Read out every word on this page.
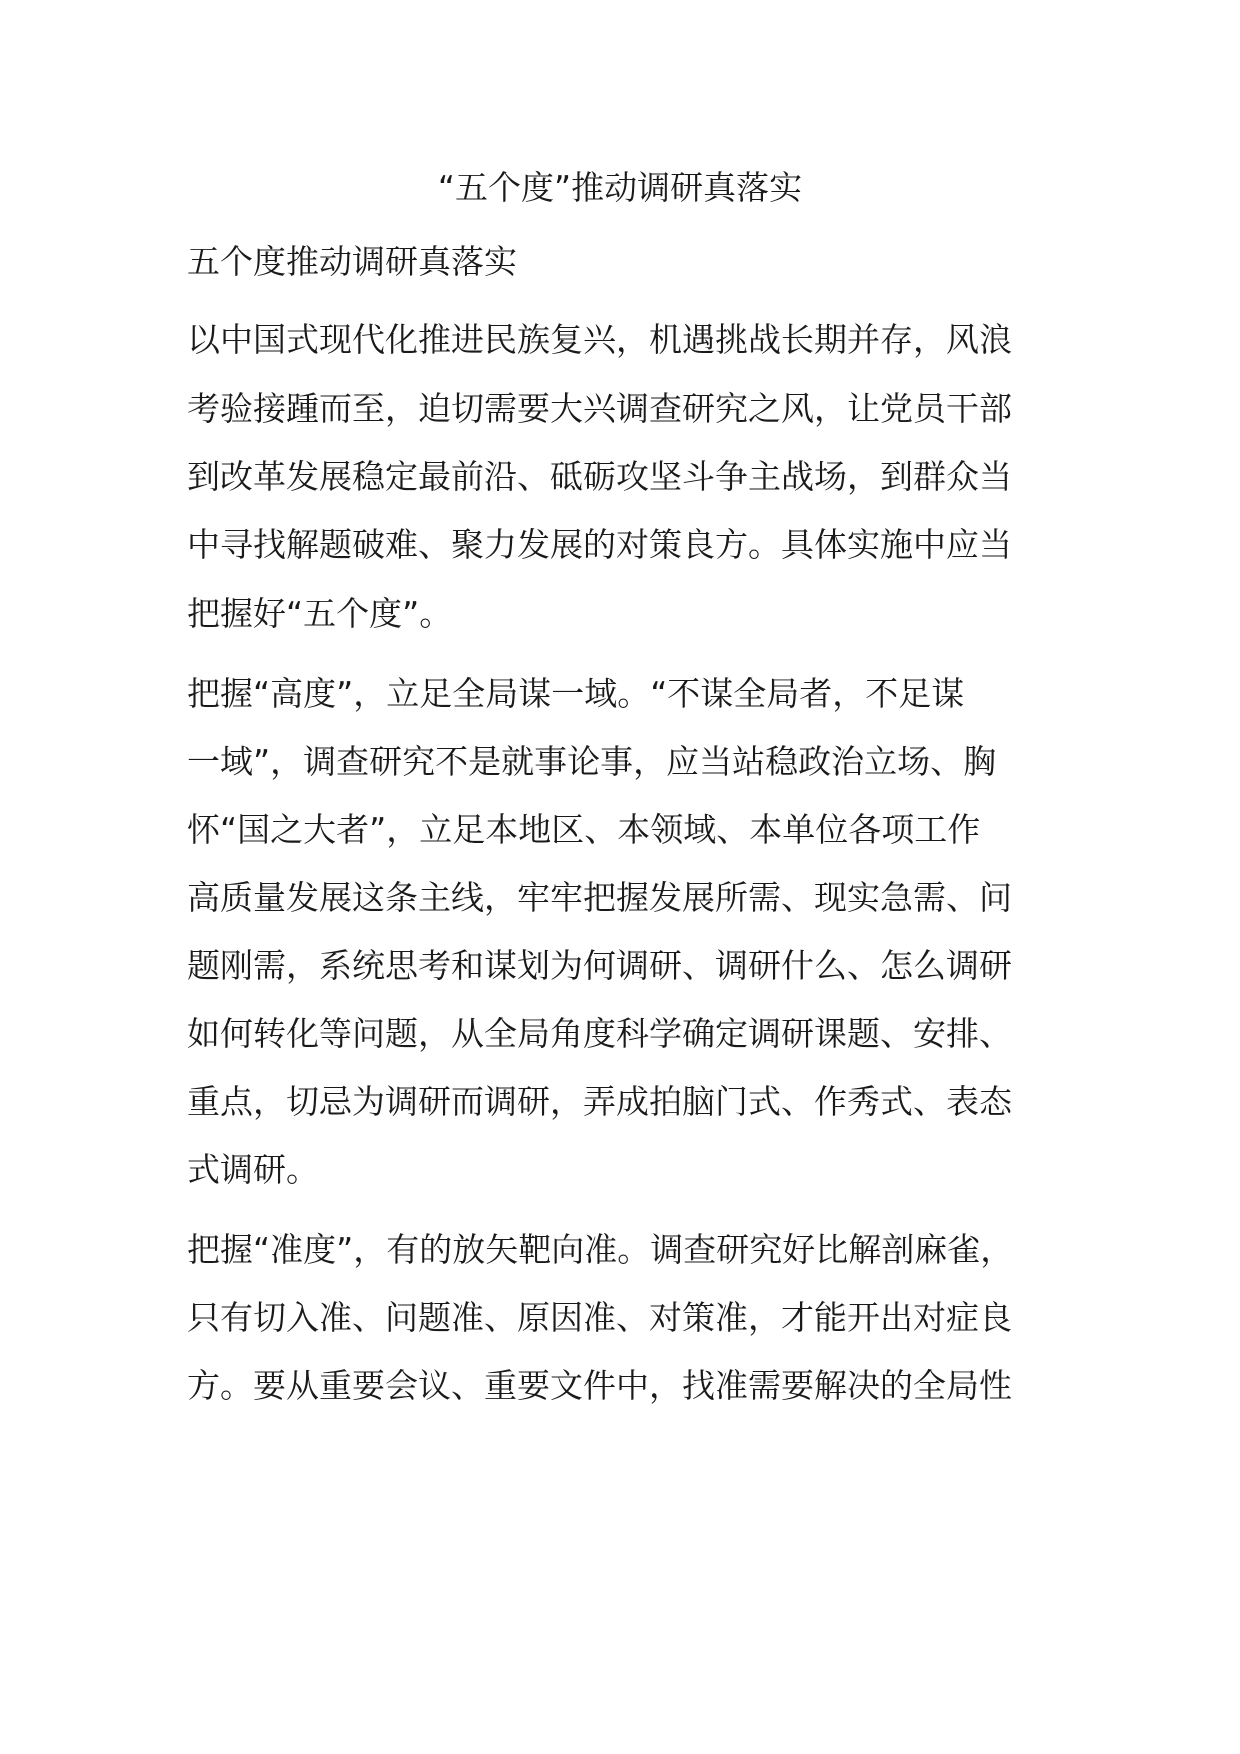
“五个度”推动调研真落实

五个度推动调研真落实

以中国式现代化推进民族复兴，机遇挑战长期并存，风浪

考验接踵而至，迫切需要大兴调查研究之风，让党员干部

到改革发展稳定最前沿、砥砺攻坚斗争主战场，到群众当

中寻找解题破难、聚力发展的对策良方。具体实施中应当

把握好“五个度”。

把握“高度”，立足全局谋一域。“不谋全局者，不足谋

一域”，调查研究不是就事论事，应当站稳政治立场、胸

怀“国之大者”，立足本地区、本领域、本单位各项工作

高质量发展这条主线，牢牢把握发展所需、现实急需、问

题刚需，系统思考和谋划为何调研、调研什么、怎么调研

如何转化等问题，从全局角度科学确定调研课题、安排、

重点，切忌为调研而调研，弄成拍脑门式、作秀式、表态

式调研。

把握“准度”，有的放矢靶向准。调查研究好比解剖麻雀，

只有切入准、问题准、原因准、对策准，才能开出对症良

方。要从重要会议、重要文件中，找准需要解决的全局性
